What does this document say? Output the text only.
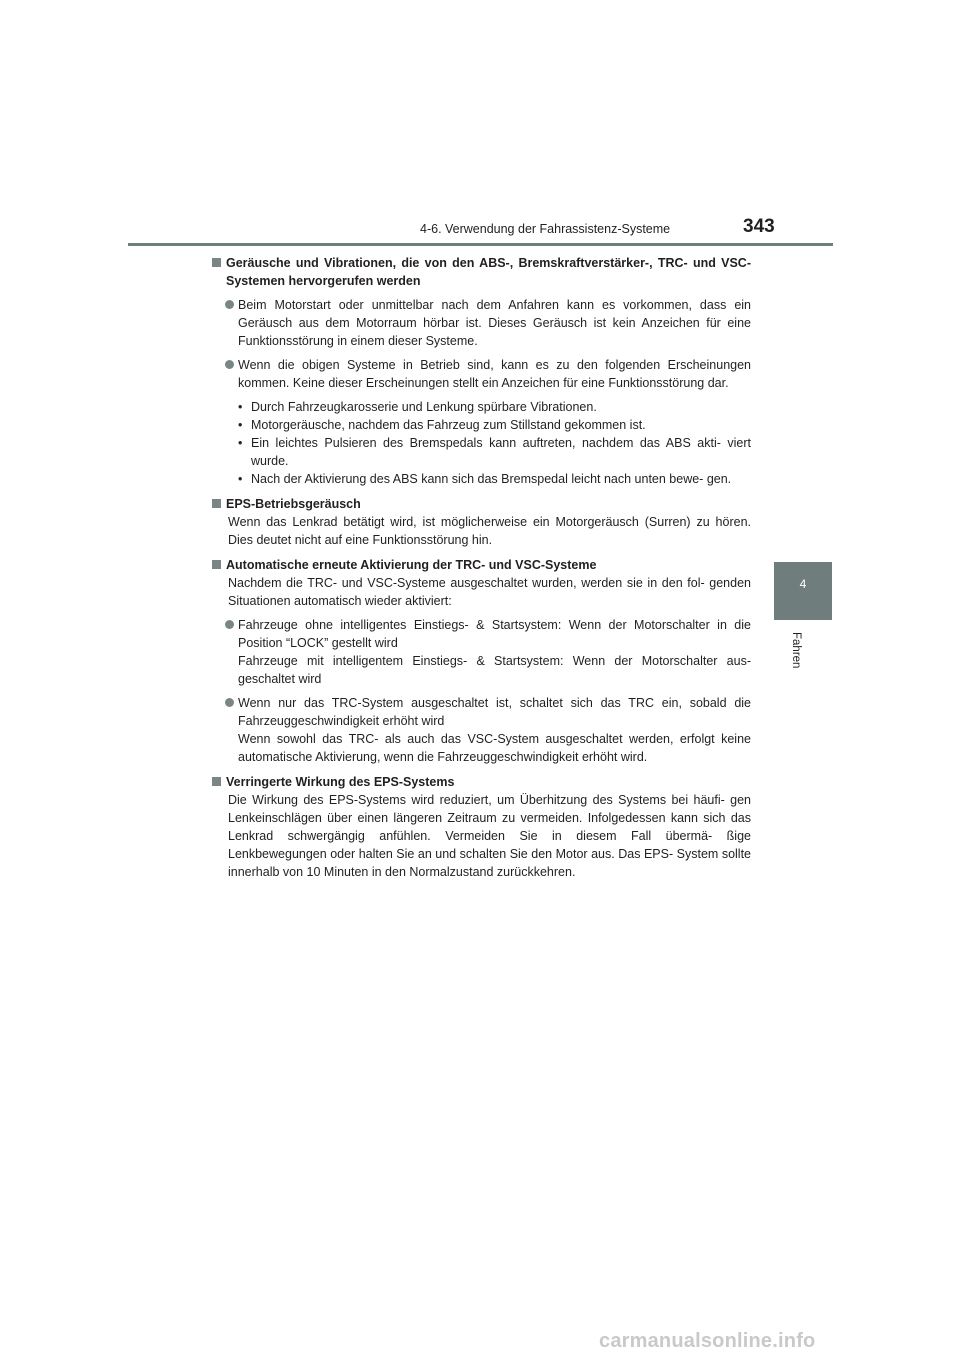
4-6. Verwendung der Fahrassistenz-Systeme	343
4
Fahren
Geräusche und Vibrationen, die von den ABS-, Bremskraftverstärker-, TRC- und VSC-Systemen hervorgerufen werden
Beim Motorstart oder unmittelbar nach dem Anfahren kann es vorkommen, dass ein Geräusch aus dem Motorraum hörbar ist. Dieses Geräusch ist kein Anzeichen für eine Funktionsstörung in einem dieser Systeme.
Wenn die obigen Systeme in Betrieb sind, kann es zu den folgenden Erscheinungen kommen. Keine dieser Erscheinungen stellt ein Anzeichen für eine Funktionsstörung dar.
• Durch Fahrzeugkarosserie und Lenkung spürbare Vibrationen.
• Motorgeräusche, nachdem das Fahrzeug zum Stillstand gekommen ist.
• Ein leichtes Pulsieren des Bremspedals kann auftreten, nachdem das ABS akti- viert wurde.
• Nach der Aktivierung des ABS kann sich das Bremspedal leicht nach unten bewe- gen.
EPS-Betriebsgeräusch
Wenn das Lenkrad betätigt wird, ist möglicherweise ein Motorgeräusch (Surren) zu hören. Dies deutet nicht auf eine Funktionsstörung hin.
Automatische erneute Aktivierung der TRC- und VSC-Systeme
Nachdem die TRC- und VSC-Systeme ausgeschaltet wurden, werden sie in den fol- genden Situationen automatisch wieder aktiviert:
Fahrzeuge ohne intelligentes Einstiegs- & Startsystem: Wenn der Motorschalter in die Position “LOCK” gestellt wird
Fahrzeuge mit intelligentem Einstiegs- & Startsystem: Wenn der Motorschalter aus- geschaltet wird
Wenn nur das TRC-System ausgeschaltet ist, schaltet sich das TRC ein, sobald die Fahrzeuggeschwindigkeit erhöht wird
Wenn sowohl das TRC- als auch das VSC-System ausgeschaltet werden, erfolgt keine automatische Aktivierung, wenn die Fahrzeuggeschwindigkeit erhöht wird.
Verringerte Wirkung des EPS-Systems
Die Wirkung des EPS-Systems wird reduziert, um Überhitzung des Systems bei häufi- gen Lenkeinschlägen über einen längeren Zeitraum zu vermeiden. Infolgedessen kann sich das Lenkrad schwergängig anfühlen. Vermeiden Sie in diesem Fall übermä- ßige Lenkbewegungen oder halten Sie an und schalten Sie den Motor aus. Das EPS- System sollte innerhalb von 10 Minuten in den Normalzustand zurückkehren.
carmanualsonline.info
